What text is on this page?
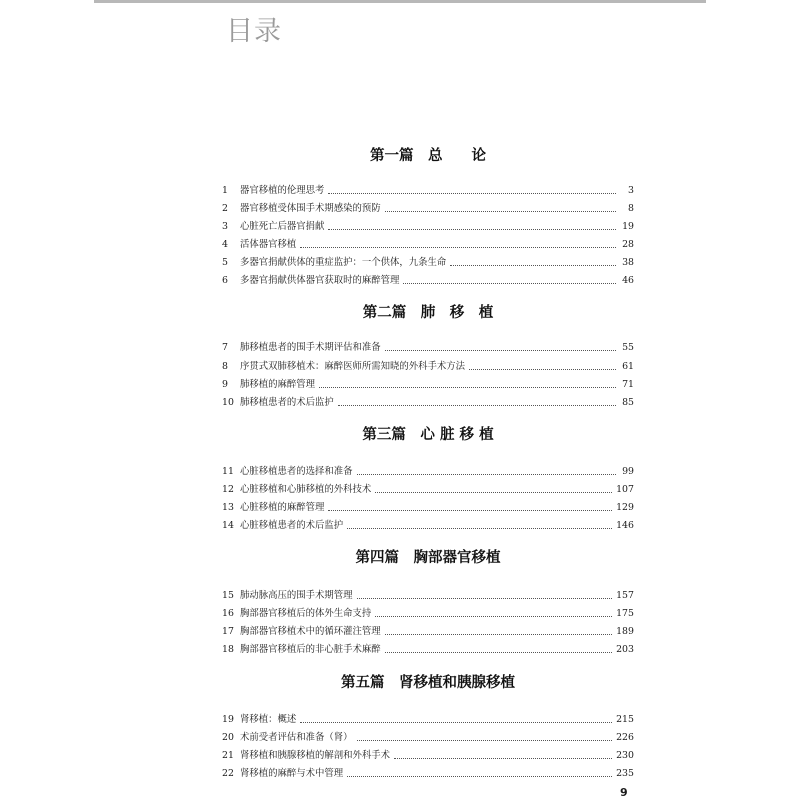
目录
第一篇　总　　论
1	器官移植的伦理思考	3
2	器官移植受体围手术期感染的预防	8
3	心脏死亡后器官捐献	19
4	活体器官移植	28
5	多器官捐献供体的重症监护：一个供体，九条生命	38
6	多器官捐献供体器官获取时的麻醉管理	46
第二篇　肺　移　植
7	肺移植患者的围手术期评估和准备	55
8	序贯式双肺移植术：麻醉医师所需知晓的外科手术方法	61
9	肺移植的麻醉管理	71
10 肺移植患者的术后监护	85
第三篇　心 脏 移 植
11 心脏移植患者的选择和准备	99
12 心脏移植和心肺移植的外科技术	107
13 心脏移植的麻醉管理	129
14 心脏移植患者的术后监护	146
第四篇　胸部器官移植
15 肺动脉高压的围手术期管理	157
16 胸部器官移植后的体外生命支持	175
17 胸部器官移植术中的循环灌注管理	189
18 胸部器官移植后的非心脏手术麻醉	203
第五篇　肾移植和胰腺移植
19 肾移植：概述	215
20 术前受者评估和准备（肾）	226
21 肾移植和胰腺移植的解剖和外科手术	230
22 肾移植的麻醉与术中管理	235
9
